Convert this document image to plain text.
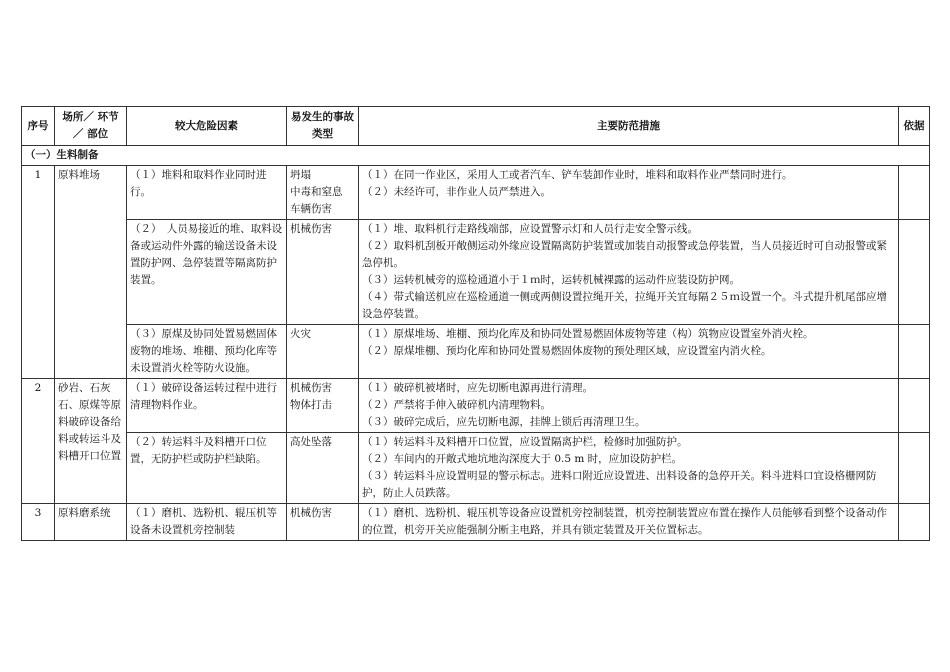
序号	场所／ 环节／ 部位	较大危险因素	易发生的事故类型	主要防范措施	依据
（一）生料制备					
1	原料堆场	（１）堆料和取料作业同时进行。	坍塌
中毒和窒息
车辆伤害	（１）在同一作业区，采用人工或者汽车、铲车装卸作业时，堆料和取料作业严禁同时进行。
（２）未经许可，非作业人员严禁进入。	

		（２）　人员易接近的堆、取料设备或运动件外露的输送设备未设置防护网、急停装置等隔离防护装置。	机械伤害	（１）堆、取料机行走路线端部，应设置警示灯和人员行走安全警示线。
（２）取料机刮板开敞侧运动外缘应设置隔离防护装置或加装自动报警或急停装置，当人员接近时可自动报警或紧急停机。
（３）运转机械旁的巡检通道小于１ｍ时，运转机械裸露的运动件应装设防护网。
（４）带式输送机应在巡检通道一侧或两侧设置拉绳开关，拉绳开关宜每隔２５ｍ设置一个。斗式提升机尾部应增设急停装置。	

		（３）原煤及协同处置易燃固体废物的堆场、堆棚、预均化库等未设置消火栓等防火设施。	火灾	（１）原煤堆场、堆棚、预均化库及和协同处置易燃固体废物等建（构）筑物应设置室外消火栓。
（２）原煤堆棚、预均化库和协同处置易燃固体废物的预处理区域，应设置室内消火栓。	

2	砂岩、石灰石、原煤等原料破碎设备给　料或转运斗及料槽开口位置	（１）破碎设备运转过程中进行清理物料作业。	机械伤害
物体打击	（１）破碎机被堵时，应先切断电源再进行清理。
（２）严禁将手伸入破碎机内清理物料。
（３）破碎完成后，应先切断电源，挂牌上锁后再清理卫生。	

		（２）转运料斗及料槽开口位置，无防护栏或防护栏缺陷。	高处坠落	（１）转运料斗及料槽开口位置，应设置隔离护栏，检修时加强防护。
（２）车间内的开敞式地坑地沟深度大于 0.5 m 时，应加设防护栏。
（３）转运料斗应设置明显的警示标志。进料口附近应设置进、出料设备的急停开关。料斗进料口宜设格栅网防护，防止人员跌落。	

3	原料磨系统	（１）磨机、选粉机、辊压机等设备未设置机旁控制装	机械伤害	（１）磨机、选粉机、辊压机等设备应设置机旁控制装置，机旁控制装置应布置在操作人员能够看到整个设备动作的位置，机旁开关应能强制分断主电路，并具有锁定装置及开关位置标志。	
